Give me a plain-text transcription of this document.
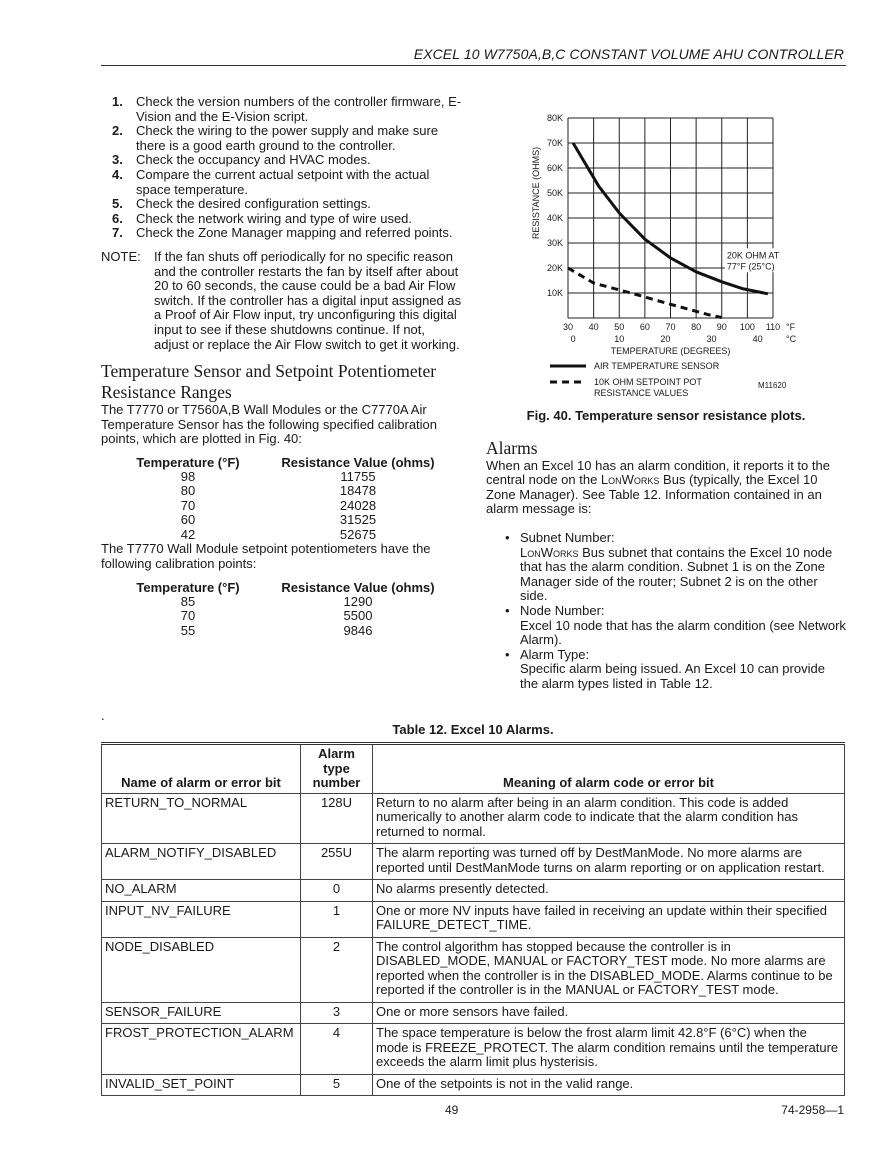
EXCEL 10 W7750A,B,C CONSTANT VOLUME AHU CONTROLLER
1. Check the version numbers of the controller firmware, E-Vision and the E-Vision script.
2. Check the wiring to the power supply and make sure there is a good earth ground to the controller.
3. Check the occupancy and HVAC modes.
4. Compare the current actual setpoint with the actual space temperature.
5. Check the desired configuration settings.
6. Check the network wiring and type of wire used.
7. Check the Zone Manager mapping and referred points.
NOTE: If the fan shuts off periodically for no specific reason and the controller restarts the fan by itself after about 20 to 60 seconds, the cause could be a bad Air Flow switch. If the controller has a digital input assigned as a Proof of Air Flow input, try unconfiguring this digital input to see if these shutdowns continue. If not, adjust or replace the Air Flow switch to get it working.
Temperature Sensor and Setpoint Potentiometer
Resistance Ranges

The T7770 or T7560A,B Wall Modules or the C7770A Air Temperature Sensor has the following specified calibration points, which are plotted in Fig. 40:

Temperature (°F)	Resistance Value (ohms)
98	11755
80	18478
70	24028
60	31525
42	52675

The T7770 Wall Module setpoint potentiometers have the following calibration points:

Temperature (°F)	Resistance Value (ohms)
85	1290
70	5500
55	9846
10K
20K
30K
40K
50K
60K
70K
80K
30 40 50 60 70 80 90 100 110 °F
0	10	20	30	40	°C
TEMPERATURE (DEGREES)
RESISTANCE (OHMS)
20K OHM AT
77°F (25°C)
AIR TEMPERATURE SENSOR
10K OHM SETPOINT POT
RESISTANCE VALUES
M11620
Fig. 40. Temperature sensor resistance plots.
Alarms

When an Excel 10 has an alarm condition, it reports it to the central node on the LonWorks Bus (typically, the Excel 10 Zone Manager). See Table 12. Information contained in an alarm message is:

• Subnet Number:
LonWorks Bus subnet that contains the Excel 10 node that has the alarm condition. Subnet 1 is on the Zone Manager side of the router; Subnet 2 is on the other side.
• Node Number:
Excel 10 node that has the alarm condition (see Network Alarm).
• Alarm Type:
Specific alarm being issued. An Excel 10 can provide the alarm types listed in Table 12.
.
Table 12. Excel 10 Alarms.
Name of alarm or error bit	Alarm type number	Meaning of alarm code or error bit
RETURN_TO_NORMAL	128U	Return to no alarm after being in an alarm condition. This code is added numerically to another alarm code to indicate that the alarm condition has returned to normal.
ALARM_NOTIFY_DISABLED	255U	The alarm reporting was turned off by DestManMode. No more alarms are reported until DestManMode turns on alarm reporting or on application restart.
NO_ALARM	0	No alarms presently detected.
INPUT_NV_FAILURE	1	One or more NV inputs have failed in receiving an update within their specified FAILURE_DETECT_TIME.
NODE_DISABLED	2	The control algorithm has stopped because the controller is in DISABLED_MODE, MANUAL or FACTORY_TEST mode. No more alarms are reported when the controller is in the DISABLED_MODE. Alarms continue to be reported if the controller is in the MANUAL or FACTORY_TEST mode.
SENSOR_FAILURE	3	One or more sensors have failed.
FROST_PROTECTION_ALARM	4	The space temperature is below the frost alarm limit 42.8°F (6°C) when the mode is FREEZE_PROTECT. The alarm condition remains until the temperature exceeds the alarm limit plus hysterisis.
INVALID_SET_POINT	5	One of the setpoints is not in the valid range.
49	74-2958—1
